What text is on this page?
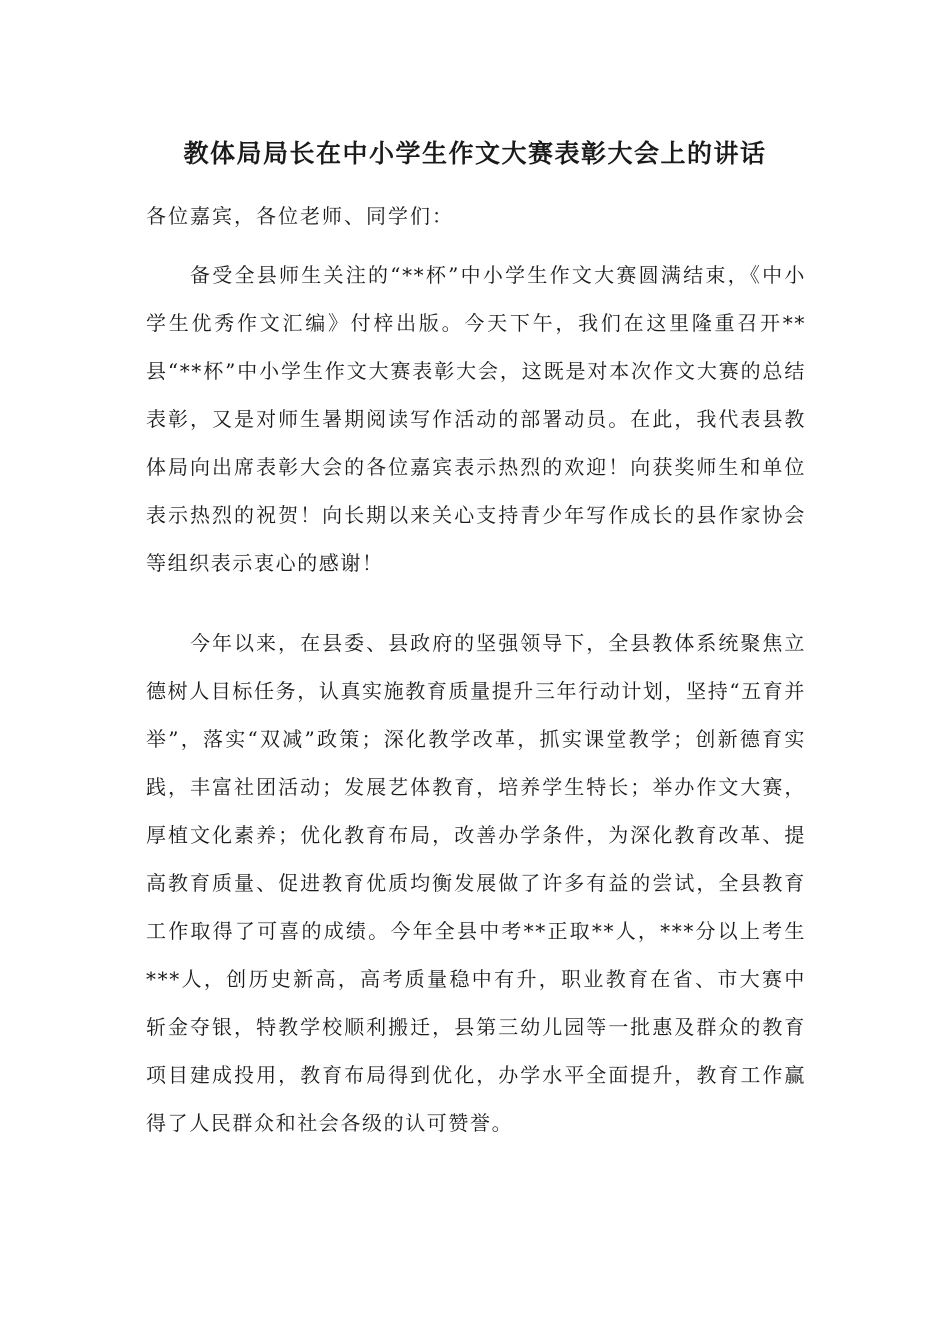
教体局局长在中小学生作文大赛表彰大会上的讲话

各位嘉宾，各位老师、同学们：

备受全县师生关注的“**杯”中小学生作文大赛圆满结束，《中小学生优秀作文汇编》付梓出版。今天下午，我们在这里隆重召开**县“**杯”中小学生作文大赛表彰大会，这既是对本次作文大赛的总结表彰，又是对师生暑期阅读写作活动的部署动员。在此，我代表县教体局向出席表彰大会的各位嘉宾表示热烈的欢迎！向获奖师生和单位表示热烈的祝贺！向长期以来关心支持青少年写作成长的县作家协会等组织表示衷心的感谢！

今年以来，在县委、县政府的坚强领导下，全县教体系统聚焦立德树人目标任务，认真实施教育质量提升三年行动计划，坚持“五育并举”，落实“双减”政策；深化教学改革，抓实课堂教学；创新德育实践，丰富社团活动；发展艺体教育，培养学生特长；举办作文大赛，厚植文化素养；优化教育布局，改善办学条件，为深化教育改革、提高教育质量、促进教育优质均衡发展做了许多有益的尝试，全县教育工作取得了可喜的成绩。今年全县中考**正取**人，***分以上考生***人，创历史新高，高考质量稳中有升，职业教育在省、市大赛中斩金夺银，特教学校顺利搬迁，县第三幼儿园等一批惠及群众的教育项目建成投用，教育布局得到优化，办学水平全面提升，教育工作赢得了人民群众和社会各级的认可赞誉。
